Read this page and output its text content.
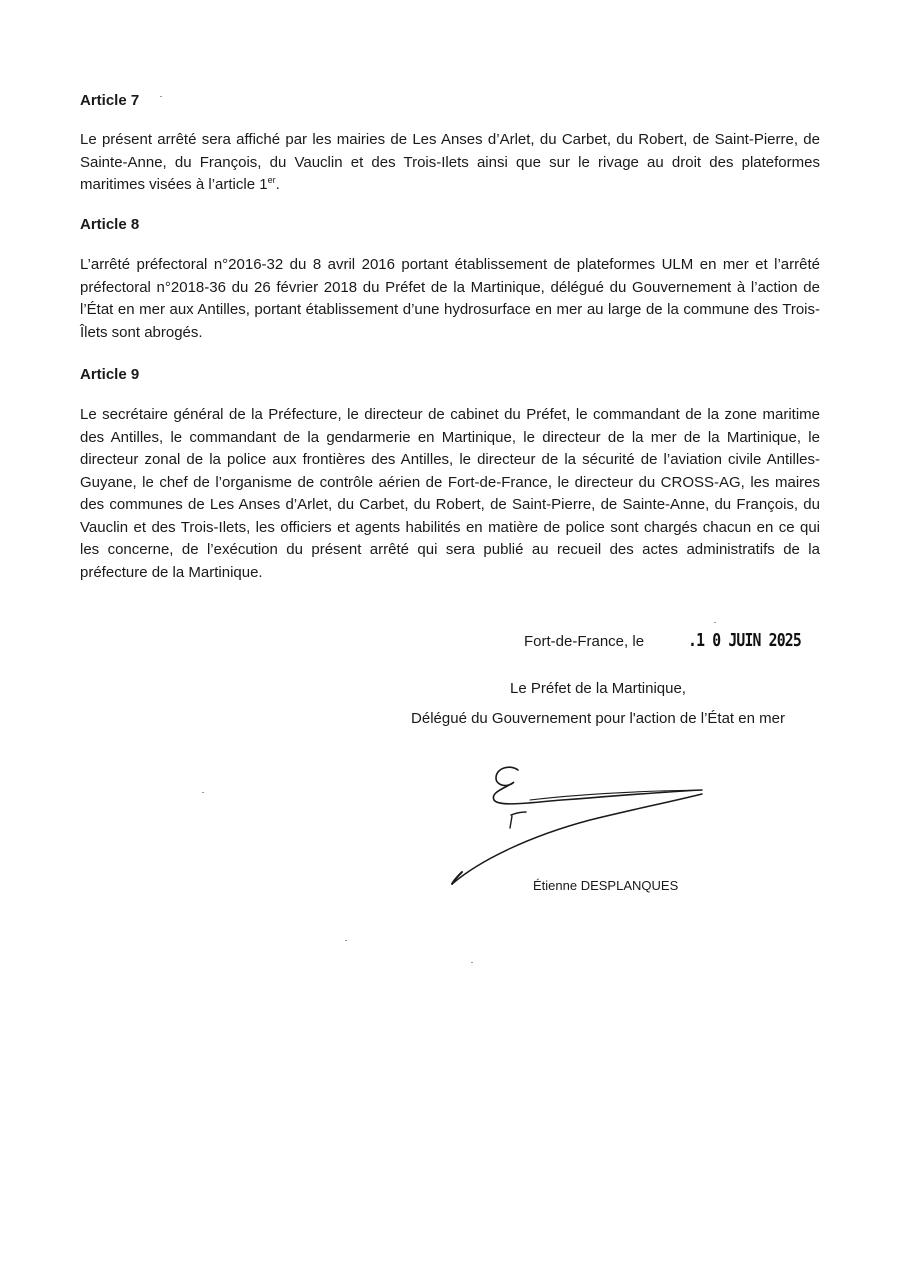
Article 7

Le présent arrêté sera affiché par les mairies de Les Anses d’Arlet, du Carbet, du Robert, de Saint-Pierre, de Sainte-Anne, du François, du Vauclin et des Trois-Ilets ainsi que sur le rivage au droit des plateformes maritimes visées à l’article 1er.

Article 8

L’arrêté préfectoral n°2016-32 du 8 avril 2016 portant établissement de plateformes ULM en mer et l’arrêté préfectoral n°2018-36 du 26 février 2018 du Préfet de la Martinique, délégué du Gouvernement à l’action de l’État en mer aux Antilles, portant établissement d’une hydrosurface en mer au large de la commune des Trois-Îlets sont abrogés.

Article 9

Le secrétaire général de la Préfecture, le directeur de cabinet du Préfet, le commandant de la zone maritime des Antilles, le commandant de la gendarmerie en Martinique, le directeur de la mer de la Martinique, le directeur zonal de la police aux frontières des Antilles, le directeur de la sécurité de l’aviation civile Antilles-Guyane, le chef de l’organisme de contrôle aérien de Fort-de-France, le directeur du CROSS-AG, les maires des communes de Les Anses d’Arlet, du Carbet, du Robert, de Saint-Pierre, de Sainte-Anne, du François, du Vauclin et des Trois-Ilets, les officiers et agents habilités en matière de police sont chargés chacun en ce qui les concerne, de l’exécution du présent arrêté qui sera publié au recueil des actes administratifs de la préfecture de la Martinique.

Fort-de-France, le .1 0 JUIN 2025
Le Préfet de la Martinique,
Délégué du Gouvernement pour l'action de l’État en mer
Étienne DESPLANQUES
